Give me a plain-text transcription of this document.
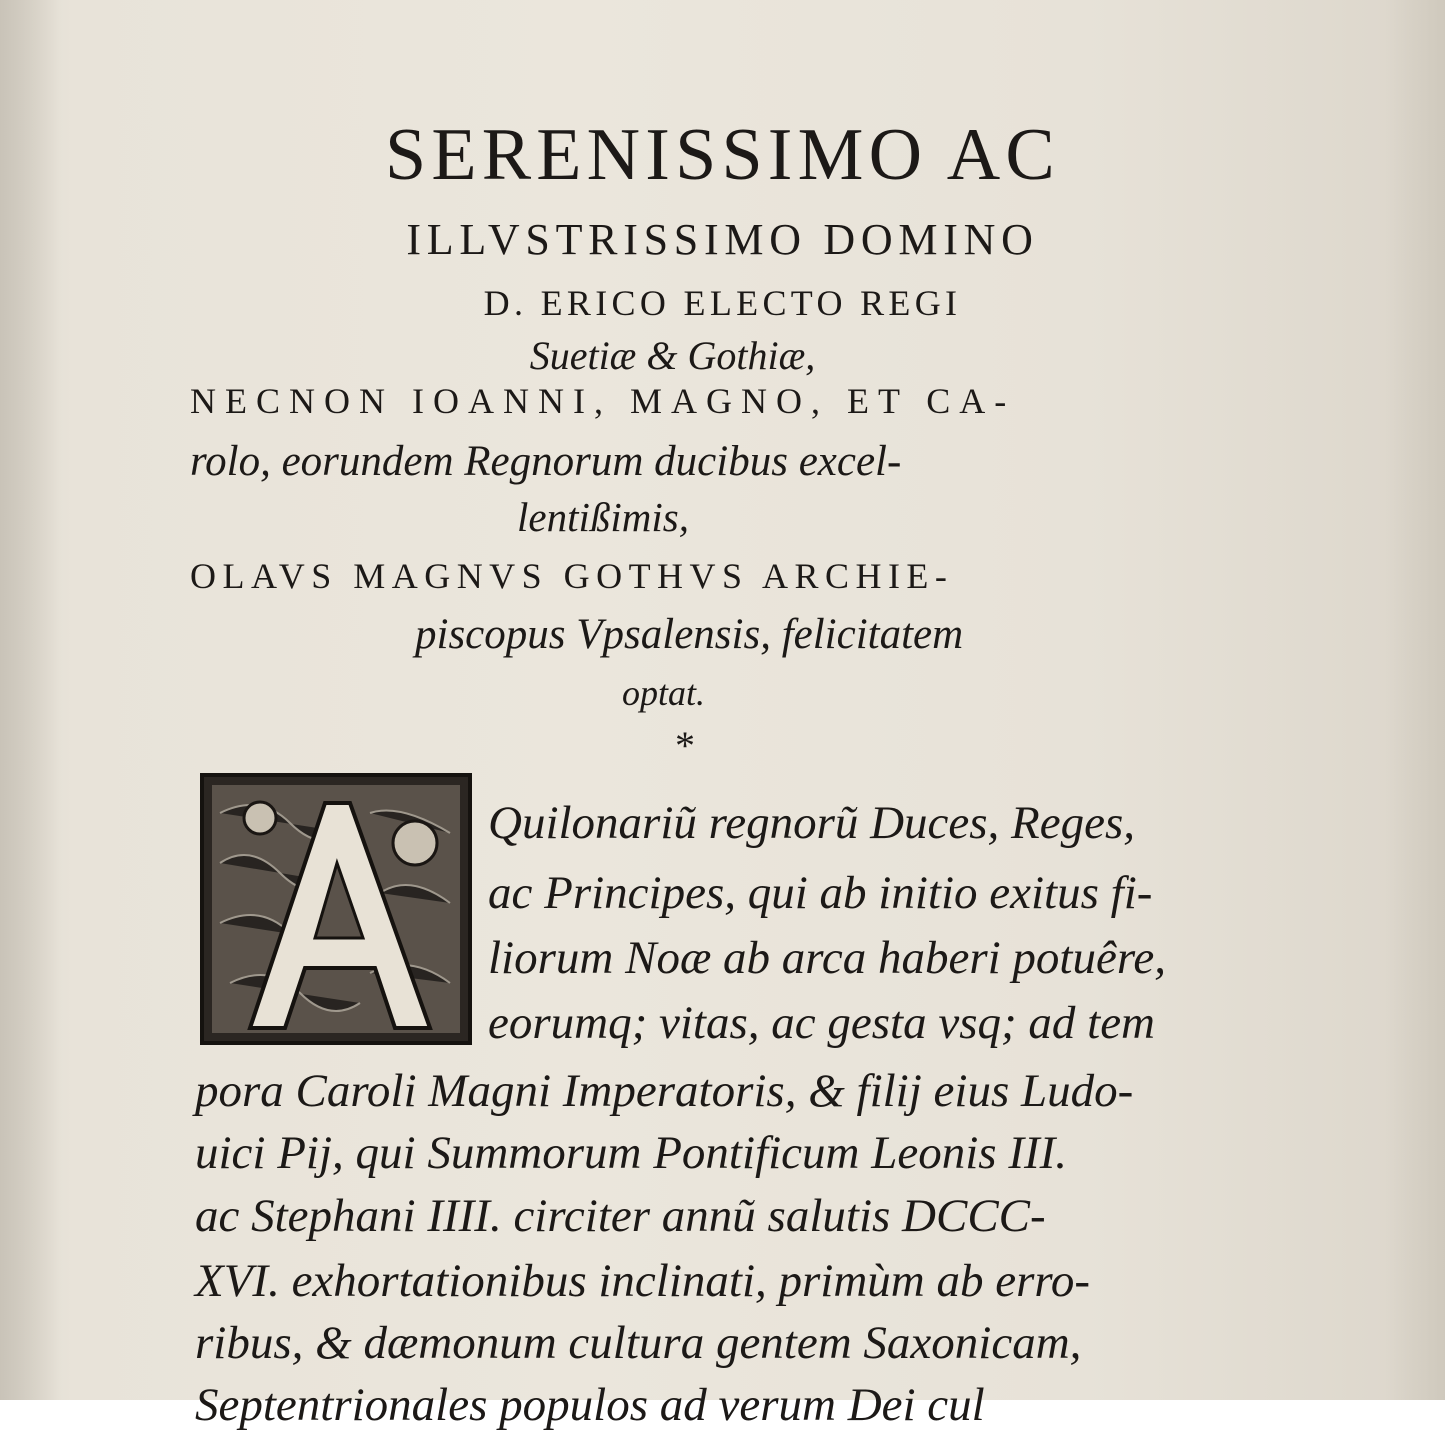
SERENISSIMO AC
ILLVSTRISSIMO DOMINO
D. ERICO ELECTO REGI
Suetiæ & Gothiæ,
NECNON IOANNI, MAGNO, ET CA-
rolo, eorundem Regnorum ducibus excel-
lentißimis,
OLAVS MAGNVS GOTHVS ARCHIE-
piscopus Vpsalensis, felicitatem
optat.
*
Quilonariũ regnorũ Duces, Reges,
ac Principes, qui ab initio exitus fi-
liorum Noæ ab arca haberi potuêre,
eorumq; vitas, ac gesta vsq; ad tem
pora Caroli Magni Imperatoris, & filij eius Ludo-
uici Pij, qui Summorum Pontificum Leonis III.
ac Stephani IIII. circiter annũ salutis DCCC-
XVI. exhortationibus inclinati, primùm ab erro-
ribus, & dæmonum cultura gentem Saxonicam,
Septentrionales populos ad verum Dei cul
